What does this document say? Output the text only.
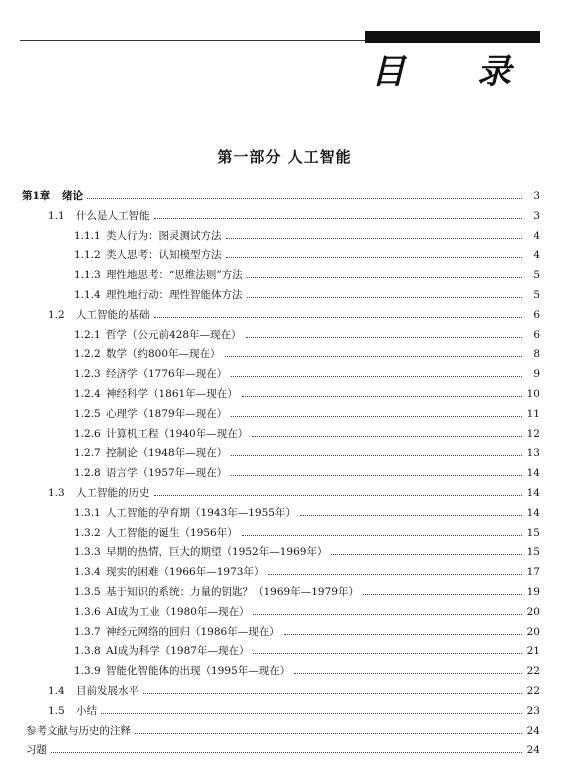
目 录
第一部分 人工智能
第1章	绪论	3
1.1	什么是人工智能	3
1.1.1 类人行为：图灵测试方法	4
1.1.2 类人思考：认知模型方法	4
1.1.3 理性地思考：“思维法则”方法	5
1.1.4 理性地行动：理性智能体方法	5
1.2	人工智能的基础	6
1.2.1 哲学（公元前428年—现在）	6
1.2.2 数学（约800年—现在）	8
1.2.3 经济学（1776年—现在）	9
1.2.4 神经科学（1861年—现在）	10
1.2.5 心理学（1879年—现在）	11
1.2.6 计算机工程（1940年—现在）	12
1.2.7 控制论（1948年—现在）	13
1.2.8 语言学（1957年—现在）	14
1.3	人工智能的历史	14
1.3.1 人工智能的孕育期（1943年—1955年）	14
1.3.2 人工智能的诞生（1956年）	15
1.3.3 早期的热情，巨大的期望（1952年—1969年）	15
1.3.4 现实的困难（1966年—1973年）	17
1.3.5 基于知识的系统：力量的钥匙？（1969年—1979年）	19
1.3.6 AI成为工业（1980年—现在）	20
1.3.7 神经元网络的回归（1986年—现在）	20
1.3.8 AI成为科学（1987年—现在）	21
1.3.9 智能化智能体的出现（1995年—现在）	22
1.4	目前发展水平	22
1.5	小结	23
参考文献与历史的注释	24
习题	24
